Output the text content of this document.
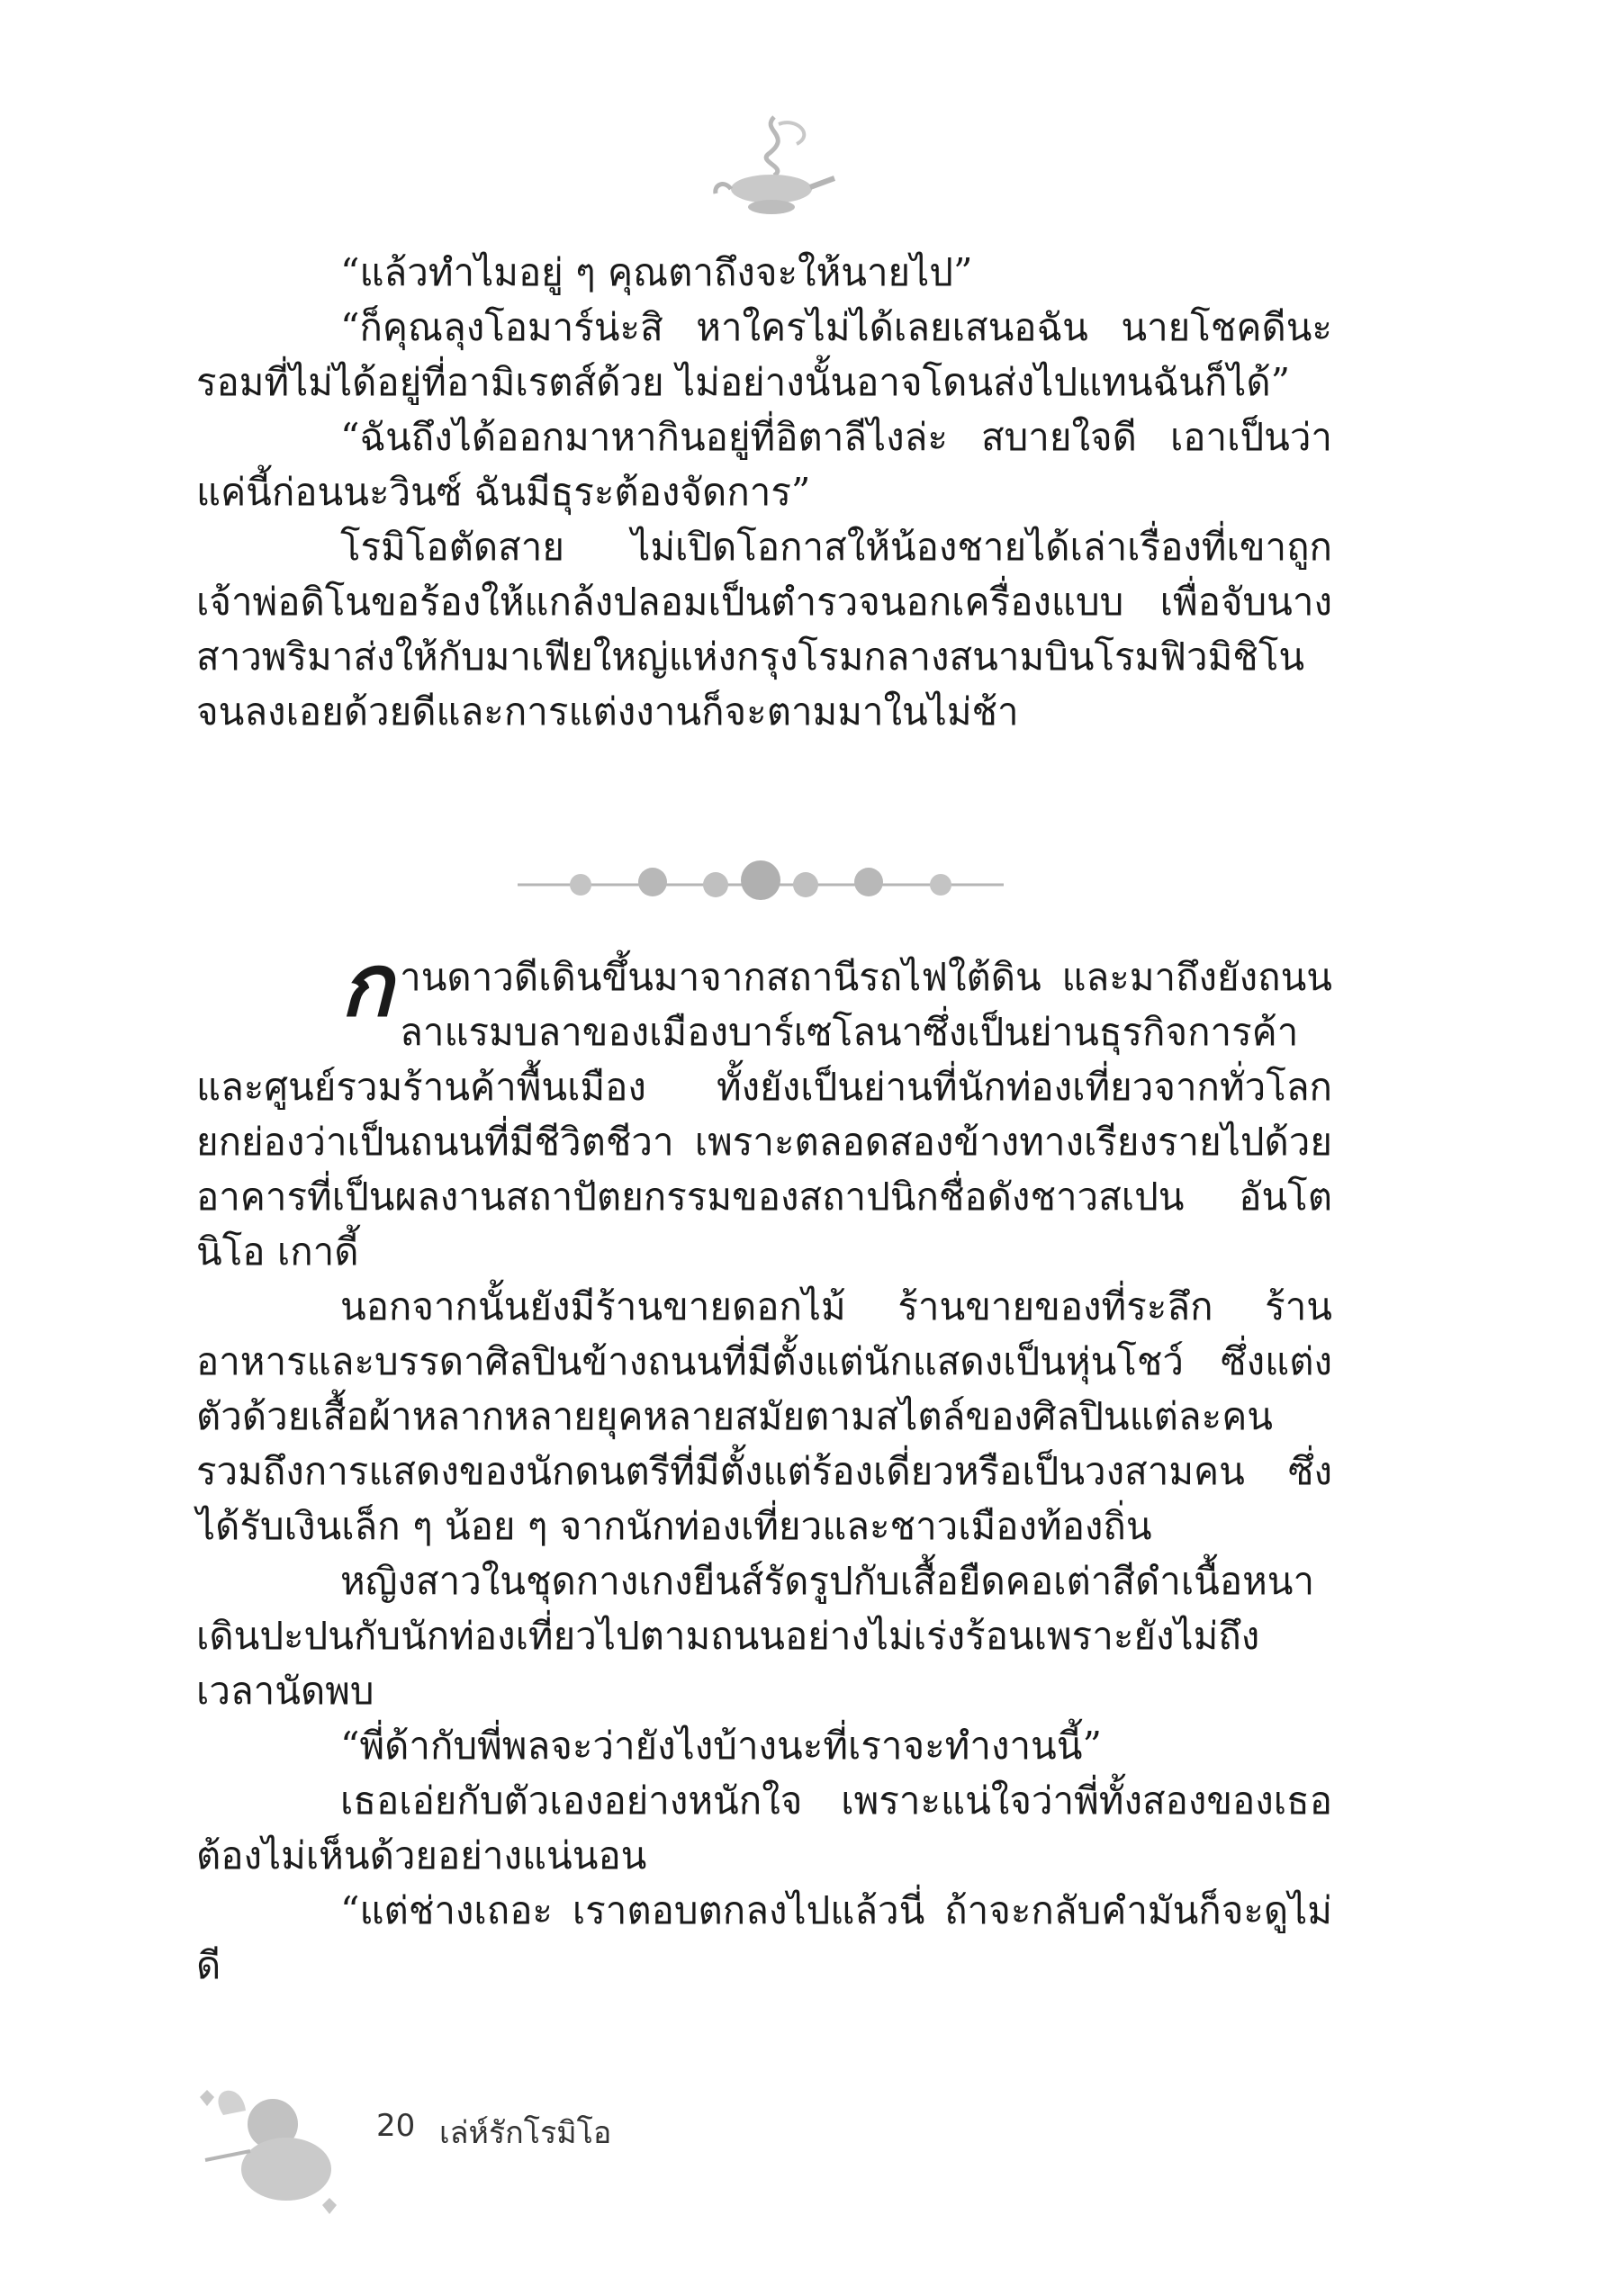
“แล้วทำไมอยู่ ๆ คุณตาถึงจะให้นายไป”

“ก็คุณลุงโอมาร์น่ะสิ หาใครไม่ได้เลยเสนอฉัน นายโชคดีนะรอมที่ไม่ได้อยู่ที่อามิเรตส์ด้วย ไม่อย่างนั้นอาจโดนส่งไปแทนฉันก็ได้”

“ฉันถึงได้ออกมาหากินอยู่ที่อิตาลีไงล่ะ สบายใจดี เอาเป็นว่าแค่นี้ก่อนนะวินซ์ ฉันมีธุระต้องจัดการ”

โรมิโอตัดสาย ไม่เปิดโอกาสให้น้องชายได้เล่าเรื่องที่เขาถูกเจ้าพ่อดิโนขอร้องให้แกล้งปลอมเป็นตำรวจนอกเครื่องแบบ เพื่อจับนางสาวพริมาส่งให้กับมาเฟียใหญ่แห่งกรุงโรมกลางสนามบินโรมฟิวมิชิโนจนลงเอยด้วยดีและการแต่งงานก็จะตามมาในไม่ช้า

กานดาวดีเดินขึ้นมาจากสถานีรถไฟใต้ดิน และมาถึงยังถนนลาแรมบลาของเมืองบาร์เซโลนาซึ่งเป็นย่านธุรกิจการค้าและศูนย์รวมร้านค้าพื้นเมือง ทั้งยังเป็นย่านที่นักท่องเที่ยวจากทั่วโลกยกย่องว่าเป็นถนนที่มีชีวิตชีวา เพราะตลอดสองข้างทางเรียงรายไปด้วยอาคารที่เป็นผลงานสถาปัตยกรรมของสถาปนิกชื่อดังชาวสเปน อันโตนิโอ เกาดี้

นอกจากนั้นยังมีร้านขายดอกไม้ ร้านขายของที่ระลึก ร้านอาหารและบรรดาศิลปินข้างถนนที่มีตั้งแต่นักแสดงเป็นหุ่นโชว์ ซึ่งแต่งตัวด้วยเสื้อผ้าหลากหลายยุคหลายสมัยตามสไตล์ของศิลปินแต่ละคน รวมถึงการแสดงของนักดนตรีที่มีตั้งแต่ร้องเดี่ยวหรือเป็นวงสามคน ซึ่งได้รับเงินเล็ก ๆ น้อย ๆ จากนักท่องเที่ยวและชาวเมืองท้องถิ่น

หญิงสาวในชุดกางเกงยีนส์รัดรูปกับเสื้อยืดคอเต่าสีดำเนื้อหนาเดินปะปนกับนักท่องเที่ยวไปตามถนนอย่างไม่เร่งร้อนเพราะยังไม่ถึงเวลานัดพบ

“พี่ด้ากับพี่พลจะว่ายังไงบ้างนะที่เราจะทำงานนี้”

เธอเอ่ยกับตัวเองอย่างหนักใจ เพราะแน่ใจว่าพี่ทั้งสองของเธอต้องไม่เห็นด้วยอย่างแน่นอน

“แต่ช่างเถอะ เราตอบตกลงไปแล้วนี่ ถ้าจะกลับคำมันก็จะดูไม่ดี

20 เล่ห์รักโรมิโอ
